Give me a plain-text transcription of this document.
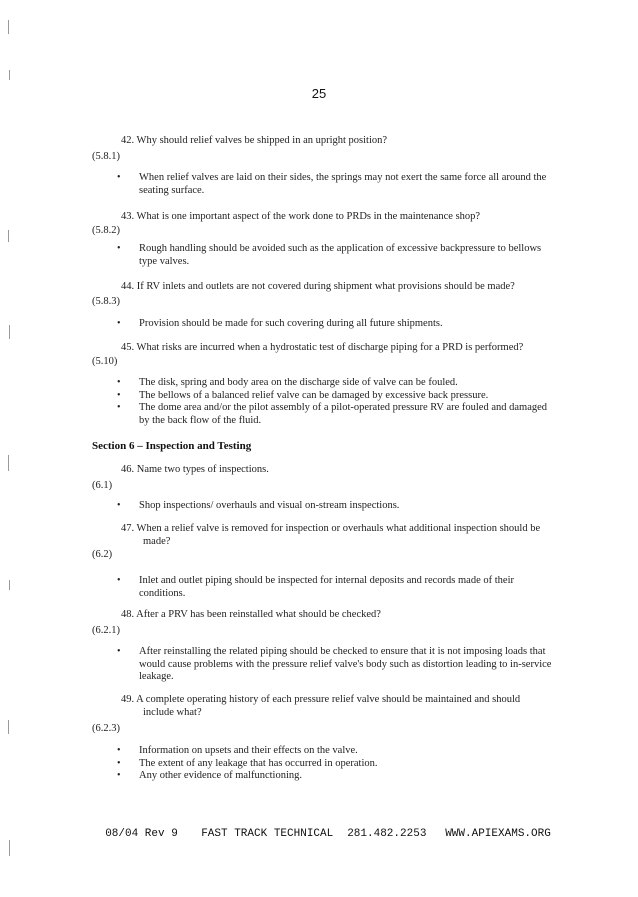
25
42. Why should relief valves be shipped in an upright position?
(5.8.1)
• When relief valves are laid on their sides, the springs may not exert the same force all around the
seating surface.
43. What is one important aspect of the work done to PRDs in the maintenance shop?
(5.8.2)
• Rough handling should be avoided such as the application of excessive backpressure to bellows
type valves.
44. If RV inlets and outlets are not covered during shipment what provisions should be made?
(5.8.3)
• Provision should be made for such covering during all future shipments.
45. What risks are incurred when a hydrostatic test of discharge piping for a PRD is performed?
(5.10)
• The disk, spring and body area on the discharge side of valve can be fouled.
• The bellows of a balanced relief valve can be damaged by excessive back pressure.
• The dome area and/or the pilot assembly of a pilot-operated pressure RV are fouled and damaged
by the back flow of the fluid.
Section 6 – Inspection and Testing
46. Name two types of inspections.
(6.1)
• Shop inspections/ overhauls and visual on-stream inspections.
47. When a relief valve is removed for inspection or overhauls what additional inspection should be
made?
(6.2)
• Inlet and outlet piping should be inspected for internal deposits and records made of their
conditions.
48. After a PRV has been reinstalled what should be checked?
(6.2.1)
• After reinstalling the related piping should be checked to ensure that it is not imposing loads that
would cause problems with the pressure relief valve's body such as distortion leading to in-service
leakage.
49. A complete operating history of each pressure relief valve should be maintained and should
include what?
(6.2.3)
• Information on upsets and their effects on the valve.
• The extent of any leakage that has occurred in operation.
• Any other evidence of malfunctioning.

08/04 Rev 9 FAST TRACK TECHNICAL 281.482.2253 WWW.APIEXAMS.ORG
